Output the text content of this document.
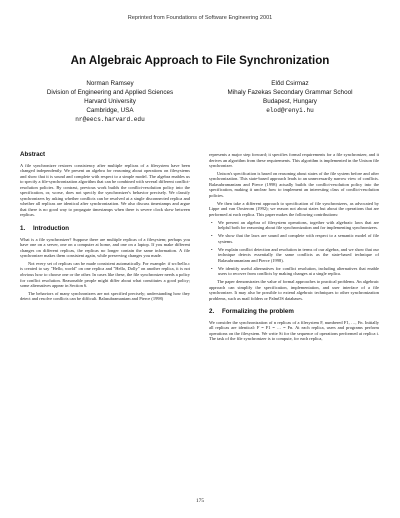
Reprinted from Foundations of Software Engineering 2001
An Algebraic Approach to File Synchronization
Norman Ramsey
Division of Engineering and Applied Sciences
Harvard University
Cambridge, USA
nr@eecs.harvard.edu
Előd Csirmaz
Mihaly Fazekas Secondary Grammar School
Budapest, Hungary
elod@renyi.hu
Abstract

A file synchronizer restores consistency after multiple replicas of a filesystem have been changed independently. We present an algebra for reasoning about operations on filesystems and show that it is sound and complete with respect to a simple model. The algebra enables us to specify a file-synchronization algorithm that can be combined with several different conflict-resolution policies. By contrast, previous work builds the conflict-resolution policy into the specification, or, worse, does not specify the synchronizer's behavior precisely. We classify synchronizers by asking whether conflicts can be resolved at a single disconnected replica and whether all replicas are identical after synchronization. We also discuss timestamps and argue that there is no good way to propagate timestamps when there is severe clock skew between replicas.

1. Introduction

What is a file synchronizer? Suppose there are multiple replicas of a filesystem; perhaps you have one on a server, one on a computer at home, and one on a laptop. If you make different changes on different replicas, the replicas no longer contain the same information. A file synchronizer makes them consistent again, while preserving changes you made.

Not every set of replicas can be made consistent automatically. For example: if src/hello.c is created to say "Hello, world" on one replica and "Hello, Dolly" on another replica, it is not obvious how to choose one or the other. In cases like these, the file synchronizer needs a policy for conflict resolution. Reasonable people might differ about what constitutes a good policy; some alternatives appear in Section 6.

The behaviors of many synchronizers are not specified precisely; understanding how they detect and resolve conflicts can be difficult. Balasubramaniam and Pierce (1998)

represents a major step forward; it specifies formal requirements for a file synchronizer, and it derives an algorithm from these requirements. This algorithm is implemented in the Unison file synchronizer.

Unison's specification is based on reasoning about states of the file system before and after synchronization. This state-based approach leads to an unnecessarily narrow view of conflicts. Balasubramaniam and Pierce (1998) actually builds the conflict-resolution policy into the specification, making it unclear how to implement an interesting class of conflict-resolution policies.

We then take a different approach to specification of file synchronizers, as advocated by Lippe and van Oosterom (1992); we reason not about states but about the operations that are performed at each replica. This paper makes the following contributions:

• We present an algebra of filesystem operations, together with algebraic laws that are helpful both for reasoning about file synchronization and for implementing synchronizers.
• We show that the laws are sound and complete with respect to a semantic model of file systems.
• We explain conflict detection and resolution in terms of our algebra, and we show that our technique detects essentially the same conflicts as the state-based technique of Balasubramaniam and Pierce (1998).
• We identify useful alternatives for conflict resolution, including alternatives that enable users to recover from conflicts by making changes at a single replica.

The paper demonstrates the value of formal approaches to practical problems. An algebraic approach can simplify the specification, implementation, and user interface of a file synchronizer. It may also be possible to extend algebraic techniques to other synchronization problems, such as mail folders or PalmOS databases.

2. Formalizing the problem

We consider the synchronization of n replicas of a filesystem F, numbered F1, …, Fn. Initially all replicas are identical: F = F1 = … = Fn. At each replica, users and programs perform operations on the filesystem. We write Si for the sequence of operations performed at replica i. The task of the file synchronizer is to compute, for each replica,

175
